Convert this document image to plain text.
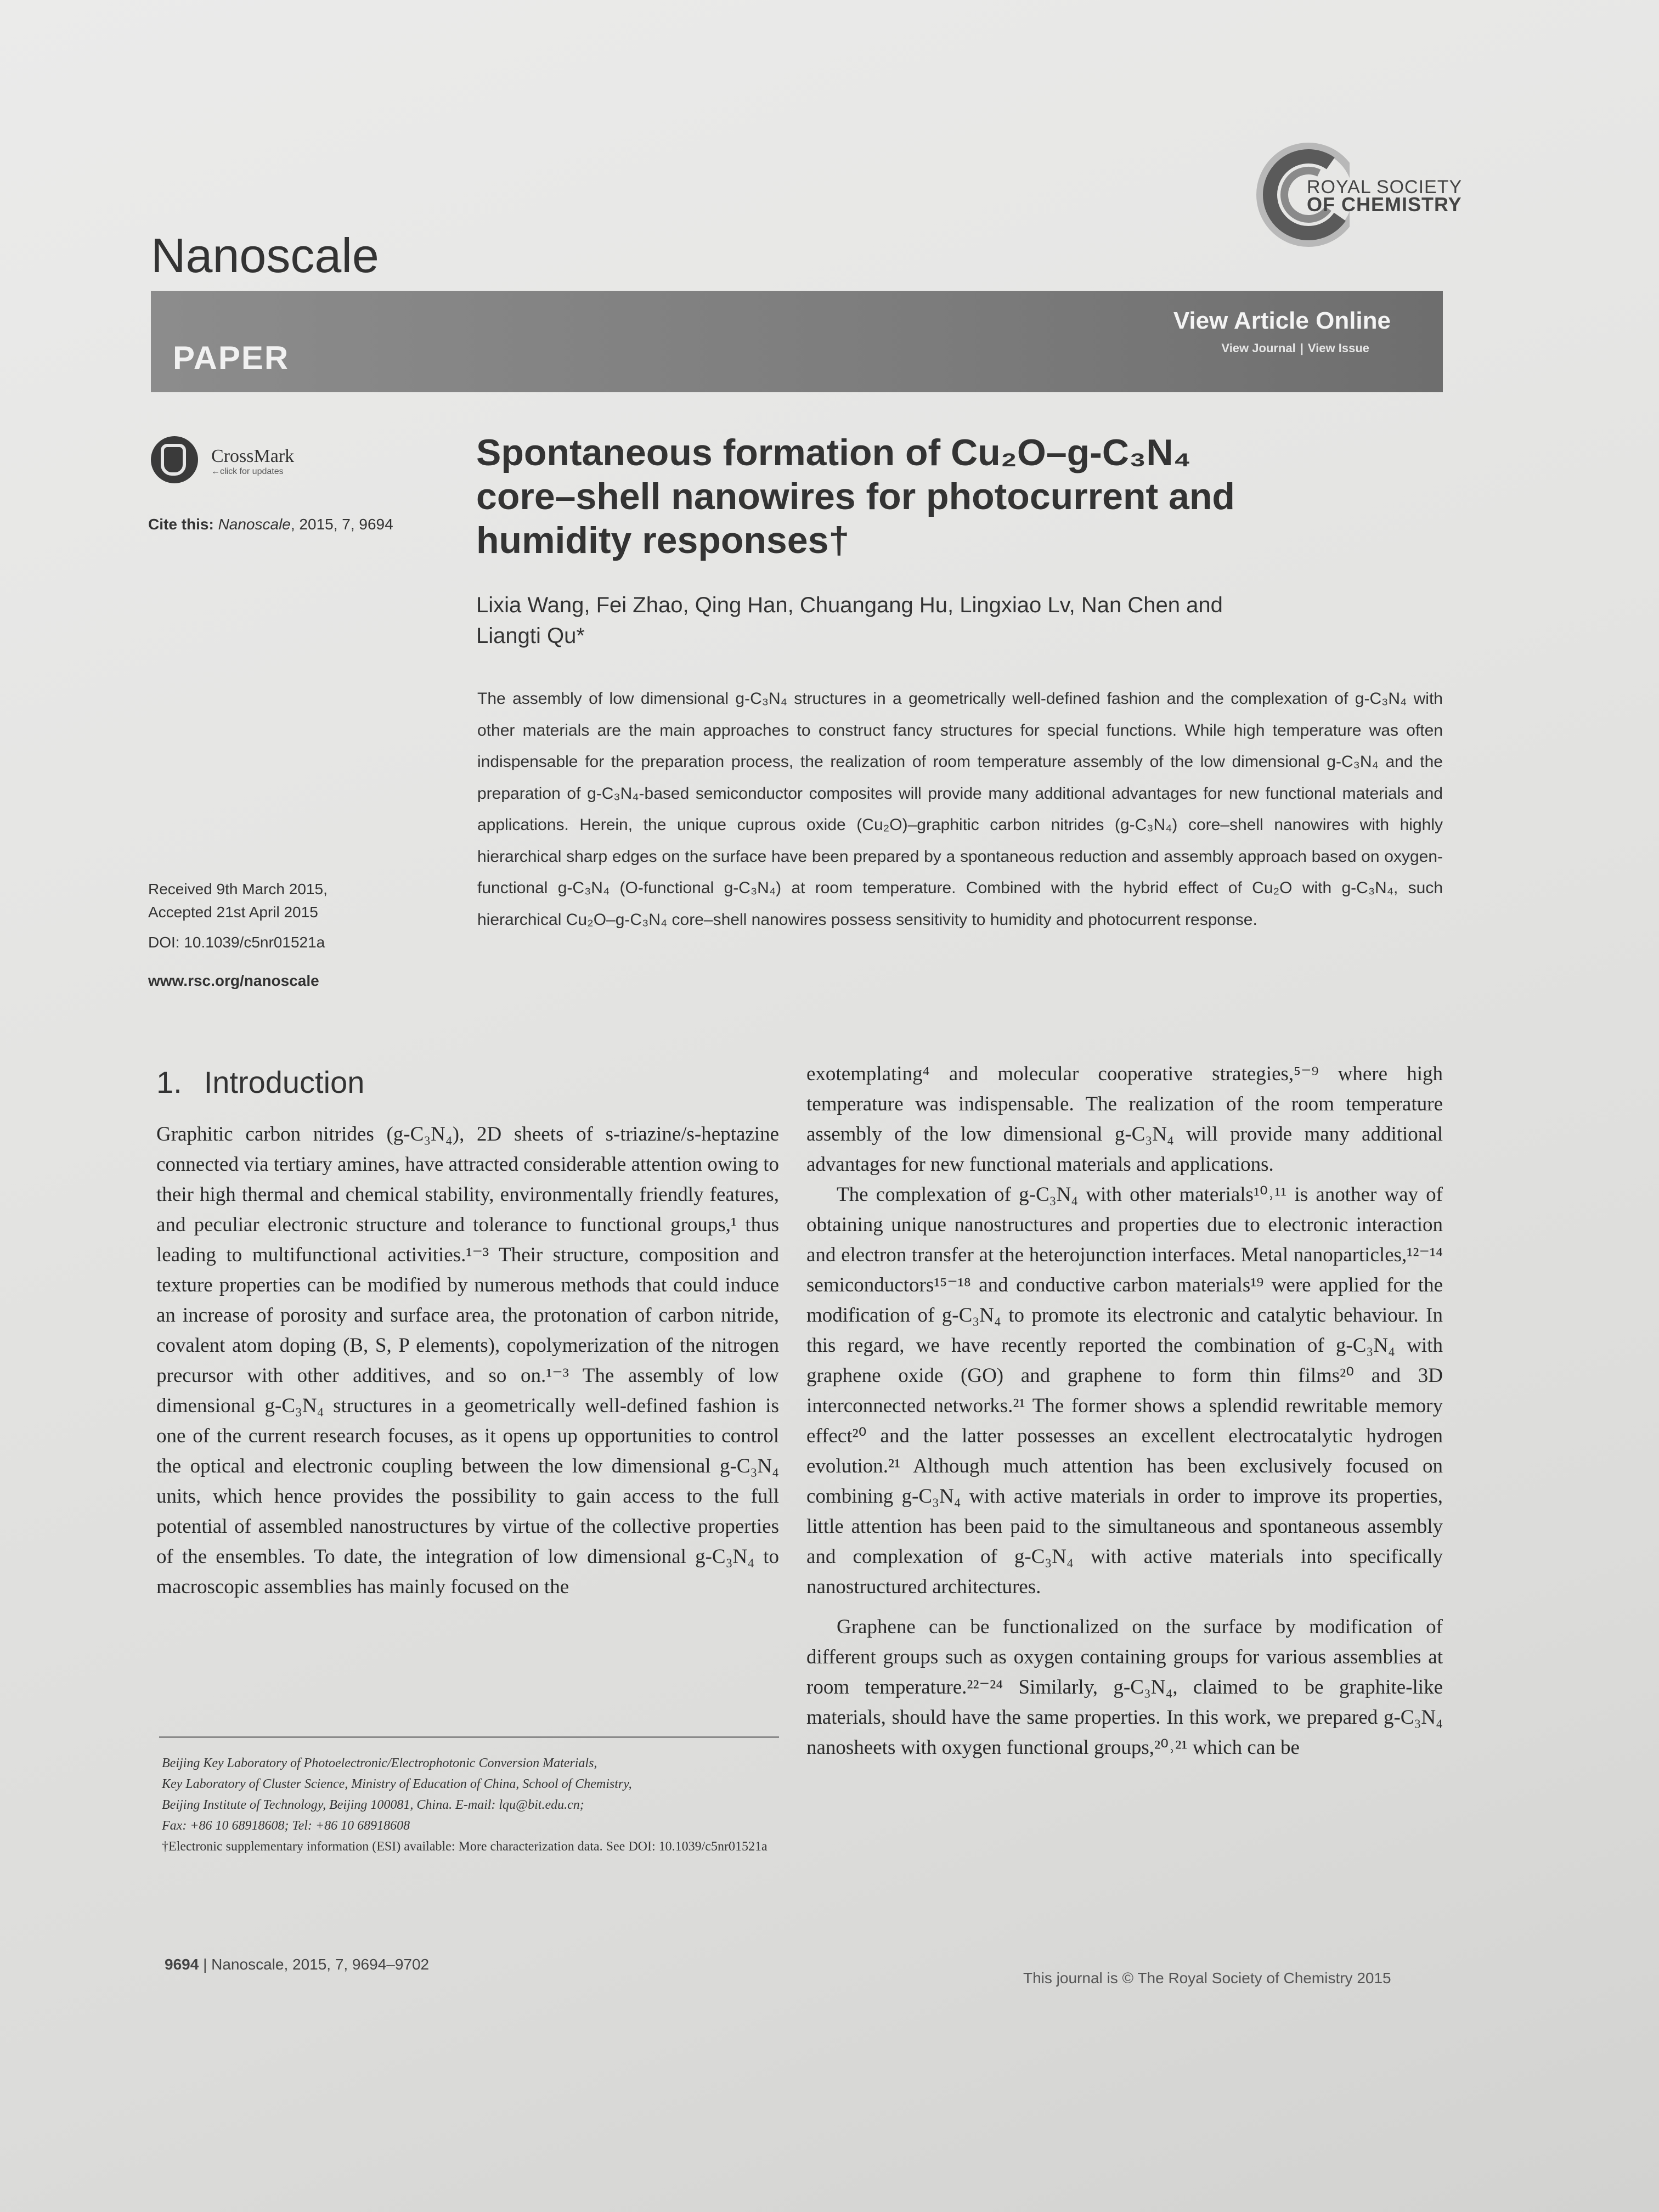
ROYAL SOCIETY
OF CHEMISTRY
Nanoscale
PAPER
View Article Online
View Journal | View Issue
CrossMark
←click for updates
Cite this: Nanoscale, 2015, 7, 9694
Spontaneous formation of Cu₂O–g-C₃N₄
core–shell nanowires for photocurrent and
humidity responses†
Lixia Wang, Fei Zhao, Qing Han, Chuangang Hu, Lingxiao Lv, Nan Chen and
Liangti Qu*
The assembly of low dimensional g-C₃N₄ structures in a geometrically well-defined fashion and the complexation of g-C₃N₄ with other materials are the main approaches to construct fancy structures for special functions. While high temperature was often indispensable for the preparation process, the realization of room temperature assembly of the low dimensional g-C₃N₄ and the preparation of g-C₃N₄-based semiconductor composites will provide many additional advantages for new functional materials and applications. Herein, the unique cuprous oxide (Cu₂O)–graphitic carbon nitrides (g-C₃N₄) core–shell nanowires with highly hierarchical sharp edges on the surface have been prepared by a spontaneous reduction and assembly approach based on oxygen-functional g-C₃N₄ (O-functional g-C₃N₄) at room temperature. Combined with the hybrid effect of Cu₂O with g-C₃N₄, such hierarchical Cu₂O–g-C₃N₄ core–shell nanowires possess sensitivity to humidity and photocurrent response.
Received 9th March 2015,
Accepted 21st April 2015
DOI: 10.1039/c5nr01521a
www.rsc.org/nanoscale
1. Introduction

Graphitic carbon nitrides (g-C₃N₄), 2D sheets of s-triazine/s-heptazine connected via tertiary amines, have attracted considerable attention owing to their high thermal and chemical stability, environmentally friendly features, and peculiar electronic structure and tolerance to functional groups,¹ thus leading to multifunctional activities.¹⁻³ Their structure, composition and texture properties can be modified by numerous methods that could induce an increase of porosity and surface area, the protonation of carbon nitride, covalent atom doping (B, S, P elements), copolymerization of the nitrogen precursor with other additives, and so on.¹⁻³ The assembly of low dimensional g-C₃N₄ structures in a geometrically well-defined fashion is one of the current research focuses, as it opens up opportunities to control the optical and electronic coupling between the low dimensional g-C₃N₄ units, which hence provides the possibility to gain access to the full potential of assembled nanostructures by virtue of the collective properties of the ensembles. To date, the integration of low dimensional g-C₃N₄ to macroscopic assemblies has mainly focused on the

exotemplating⁴ and molecular cooperative strategies,⁵⁻⁹ where high temperature was indispensable. The realization of the room temperature assembly of the low dimensional g-C₃N₄ will provide many additional advantages for new functional materials and applications.

The complexation of g-C₃N₄ with other materials¹⁰˒¹¹ is another way of obtaining unique nanostructures and properties due to electronic interaction and electron transfer at the heterojunction interfaces. Metal nanoparticles,¹²⁻¹⁴ semiconductors¹⁵⁻¹⁸ and conductive carbon materials¹⁹ were applied for the modification of g-C₃N₄ to promote its electronic and catalytic behaviour. In this regard, we have recently reported the combination of g-C₃N₄ with graphene oxide (GO) and graphene to form thin films²⁰ and 3D interconnected networks.²¹ The former shows a splendid rewritable memory effect²⁰ and the latter possesses an excellent electrocatalytic hydrogen evolution.²¹ Although much attention has been exclusively focused on combining g-C₃N₄ with active materials in order to improve its properties, little attention has been paid to the simultaneous and spontaneous assembly and complexation of g-C₃N₄ with active materials into specifically nanostructured architectures.

Graphene can be functionalized on the surface by modification of different groups such as oxygen containing groups for various assemblies at room temperature.²²⁻²⁴ Similarly, g-C₃N₄, claimed to be graphite-like materials, should have the same properties. In this work, we prepared g-C₃N₄ nanosheets with oxygen functional groups,²⁰˒²¹ which can be

Beijing Key Laboratory of Photoelectronic/Electrophotonic Conversion Materials,
Key Laboratory of Cluster Science, Ministry of Education of China, School of Chemistry,
Beijing Institute of Technology, Beijing 100081, China. E-mail: lqu@bit.edu.cn;
Fax: +86 10 68918608; Tel: +86 10 68918608
†Electronic supplementary information (ESI) available: More characterization data. See DOI: 10.1039/c5nr01521a
9694 | Nanoscale, 2015, 7, 9694–9702
This journal is © The Royal Society of Chemistry 2015
